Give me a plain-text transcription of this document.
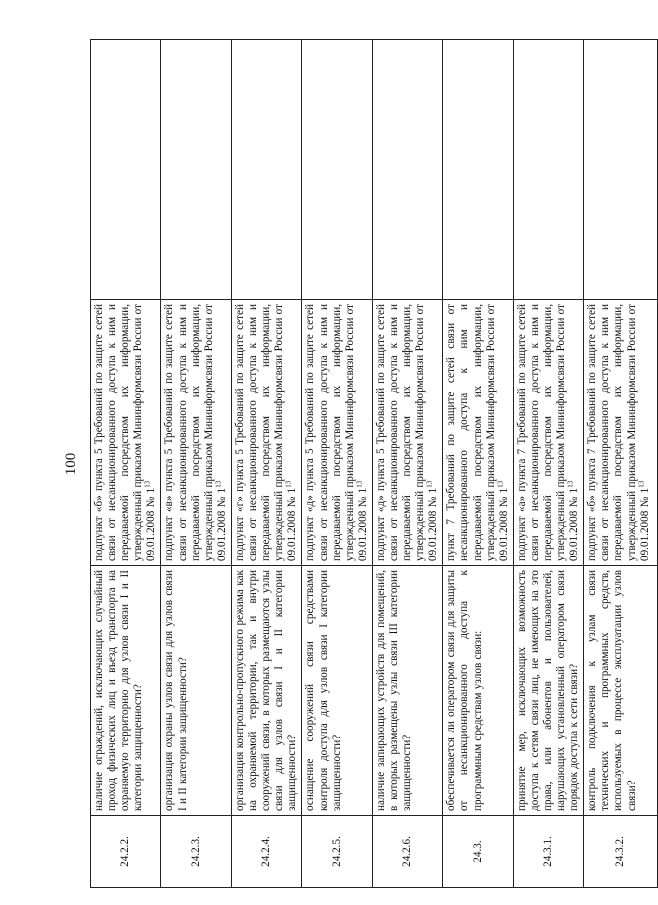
100
24.2.2.	наличие ограждений, исключающих случайный проход физических лиц и въезд транспорта на охраняемую территорию для узлов связи I и II категории защищенности?	подпункт «б» пункта 5 Требований по защите сетей связи от несанкционированного доступа к ним и передаваемой посредством их информации, утвержденный приказом Мининформсвязи России от 09.01.2008 № $1^{13}$	
24.2.3.	организация охраны узлов связи для узлов связи I и II категории защищенности?	подпункт «в» пункта 5 Требований по защите сетей связи от несанкционированного доступа к ним и передаваемой посредством их информации, утвержденный приказом Мининформсвязи России от 09.01.2008 № $1^{13}$	
24.2.4.	организация контрольно-пропускного режима как на охраняемой территории, так и внутри сооружений связи, в которых размещаются узлы связи для узлов связи I и II категории защищенности?	подпункт «г» пункта 5 Требований по защите сетей связи от несанкционированного доступа к ним и передаваемой посредством их информации, утвержденный приказом Мининформсвязи России от 09.01.2008 № $1^{13}$	
24.2.5.	оснащение сооружений связи средствами контроля доступа для узлов связи I категории защищенности?	подпункт «д» пункта 5 Требований по защите сетей связи от несанкционированного доступа к ним и передаваемой посредством их информации, утвержденный приказом Мининформсвязи России от 09.01.2008 № $1^{13}$	
24.2.6.	наличие запирающих устройств для помещений, в которых размещены узлы связи III категории защищенности?	подпункт «д» пункта 5 Требований по защите сетей связи от несанкционированного доступа к ним и передаваемой посредством их информации, утвержденный приказом Мининформсвязи России от 09.01.2008 № $1^{13}$	
24.3.	обеспечивается ли оператором связи для защиты от несанкционированного доступа к программным средствам узлов связи:	пункт 7 Требований по защите сетей связи от несанкционированного доступа к ним и передаваемой посредством их информации, утвержденный приказом Мининформсвязи России от 09.01.2008 № $1^{13}$	
24.3.1.	принятие мер, исключающих возможность доступа к сетям связи лиц, не имеющих на это права, или абонентов и пользователей, нарушающих установленный оператором связи порядок доступа к сети связи?	подпункт «а» пункта 7 Требований по защите сетей связи от несанкционированного доступа к ним и передаваемой посредством их информации, утвержденный приказом Мининформсвязи России от 09.01.2008 № $1^{13}$	
24.3.2.	контроль подключения к узлам связи технических и программных средств, используемых в процессе эксплуатации узлов связи?	подпункт «б» пункта 7 Требований по защите сетей связи от несанкционированного доступа к ним и передаваемой посредством их информации, утвержденный приказом Мининформсвязи России от 09.01.2008 № $1^{13}$	
